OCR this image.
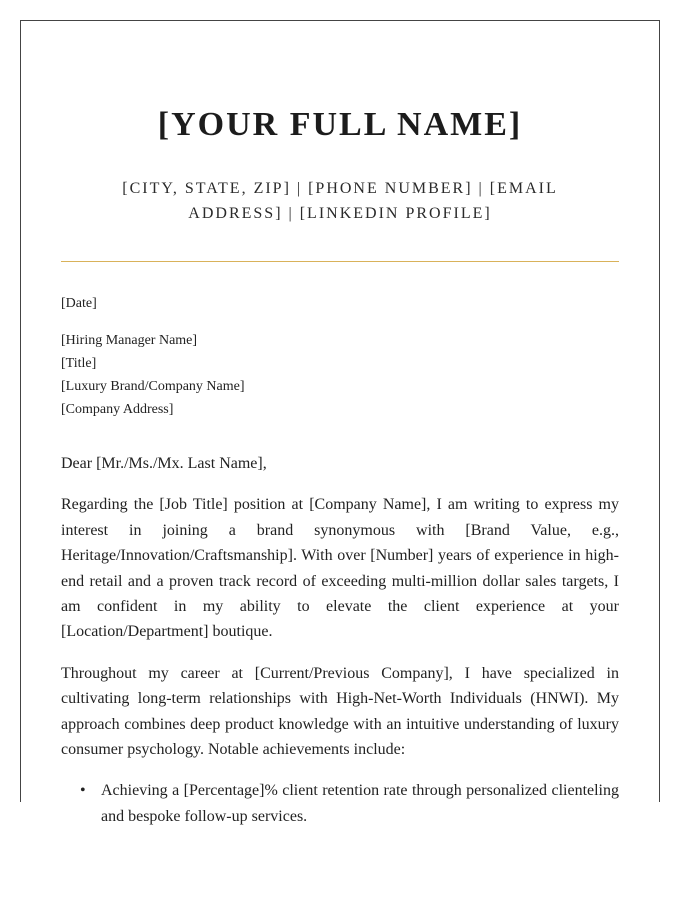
[YOUR FULL NAME]

[CITY, STATE, ZIP] | [PHONE NUMBER] | [EMAIL ADDRESS] | [LINKEDIN PROFILE]

[Date]
[Hiring Manager Name]
[Title]
[Luxury Brand/Company Name]
[Company Address]

Dear [Mr./Ms./Mx. Last Name],

Regarding the [Job Title] position at [Company Name], I am writing to express my interest in joining a brand synonymous with [Brand Value, e.g., Heritage/Innovation/Craftsmanship]. With over [Number] years of experience in high-end retail and a proven track record of exceeding multi-million dollar sales targets, I am confident in my ability to elevate the client experience at your [Location/Department] boutique.

Throughout my career at [Current/Previous Company], I have specialized in cultivating long-term relationships with High-Net-Worth Individuals (HNWI). My approach combines deep product knowledge with an intuitive understanding of luxury consumer psychology. Notable achievements include:

• Achieving a [Percentage]% client retention rate through personalized clienteling and bespoke follow-up services.
